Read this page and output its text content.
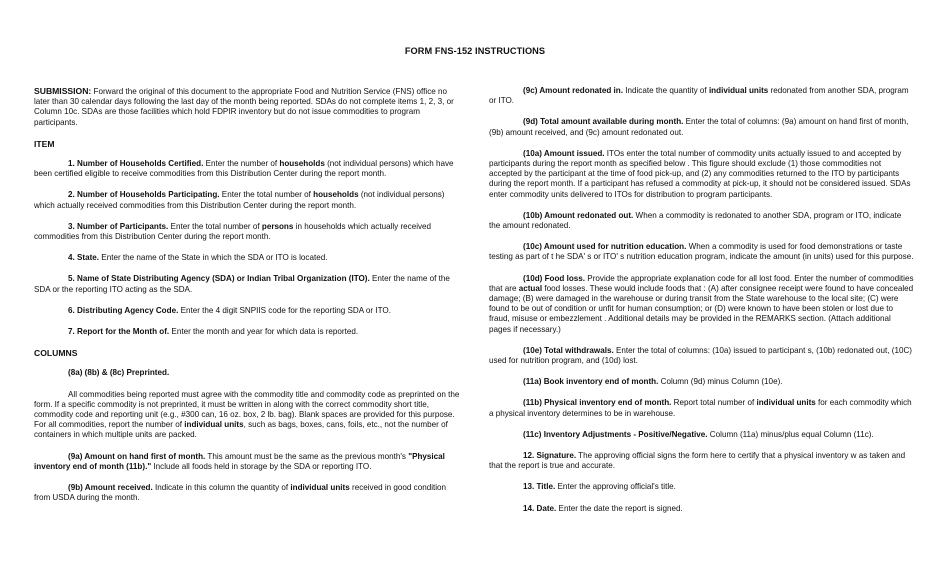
FORM FNS-152 INSTRUCTIONS

SUBMISSION: Forward the original of this document to the appropriate Food and Nutrition Service (FNS) office no later than 30 calendar days following the last day of the month being reported. SDAs do not complete items 1, 2, 3, or Column 10c. SDAs are those facilities which hold FDPIR inventory but do not issue commodities to program participants.

ITEM

1. Number of Households Certified. Enter the number of households (not individual persons) which have been certified eligible to receive commodities from this Distribution Center during the report month.

2. Number of Households Participating. Enter the total number of households (not individual persons) which actually received commodities from this Distribution Center during the report month.

3. Number of Participants. Enter the total number of persons in households which actually received commodities from this Distribution Center during the report month.

4. State. Enter the name of the State in which the SDA or ITO is located.

5. Name of State Distributing Agency (SDA) or Indian Tribal Organization (ITO). Enter the name of the SDA or the reporting ITO acting as the SDA.

6. Distributing Agency Code. Enter the 4 digit SNPIIS code for the reporting SDA or ITO.

7. Report for the Month of. Enter the month and year for which data is reported.

COLUMNS

(8a) (8b) & (8c) Preprinted.

All commodities being reported must agree with the commodity title and commodity code as preprinted on the form. If a specific commodity is not preprinted, it must be written in along with the correct commodity short title, commodity code and reporting unit (e.g., #300 can, 16 oz. box, 2 lb. bag). Blank spaces are provided for this purpose. For all commodities, report the number of individual units, such as bags, boxes, cans, foils, etc., not the number of containers in which multiple units are packed.

(9a) Amount on hand first of month. This amount must be the same as the previous month's "Physical inventory end of month (11b)." Include all foods held in storage by the SDA or reporting ITO.

(9b) Amount received. Indicate in this column the quantity of individual units received in good condition from USDA during the month.

(9c) Amount redonated in. Indicate the quantity of individual units redonated from another SDA, program or ITO.

(9d) Total amount available during month. Enter the total of columns: (9a) amount on hand first of month, (9b) amount received, and (9c) amount redonated out.

(10a) Amount issued. ITOs enter the total number of commodity units actually issued to and accepted by participants during the report month as specified below . This figure should exclude (1) those commodities not accepted by the participant at the time of food pick-up, and (2) any commodities returned to the ITO by participants during the report month. If a participant has refused a commodity at pick-up, it should not be considered issued. SDAs enter commodity units delivered to ITOs for distribution to program participants.

(10b) Amount redonated out. When a commodity is redonated to another SDA, program or ITO, indicate the amount redonated.

(10c) Amount used for nutrition education. When a commodity is used for food demonstrations or taste testing as part of t he SDA' s or ITO' s nutrition education program, indicate the amount (in units) used for this purpose.

(10d) Food loss. Provide the appropriate explanation code for all lost food. Enter the number of commodities that are actual food losses. These would include foods that : (A) after consignee receipt were found to have concealed damage; (B) were damaged in the warehouse or during transit from the State warehouse to the local site; (C) were found to be out of condition or unfit for human consumption; or (D) were known to have been stolen or lost due to fraud, misuse or embezzlement . Additional details may be provided in the REMARKS section. (Attach additional pages if necessary.)

(10e) Total withdrawals. Enter the total of columns: (10a) issued to participant s, (10b) redonated out, (10C) used for nutrition program, and (10d) lost.

(11a) Book inventory end of month. Column (9d) minus Column (10e).

(11b) Physical inventory end of month. Report total number of individual units for each commodity which a physical inventory determines to be in warehouse.

(11c) Inventory Adjustments - Positive/Negative. Column (11a) minus/plus equal Column (11c).

12. Signature. The approving official signs the form here to certify that a physical inventory w as taken and that the report is true and accurate.

13. Title. Enter the approving official's title.

14. Date. Enter the date the report is signed.
